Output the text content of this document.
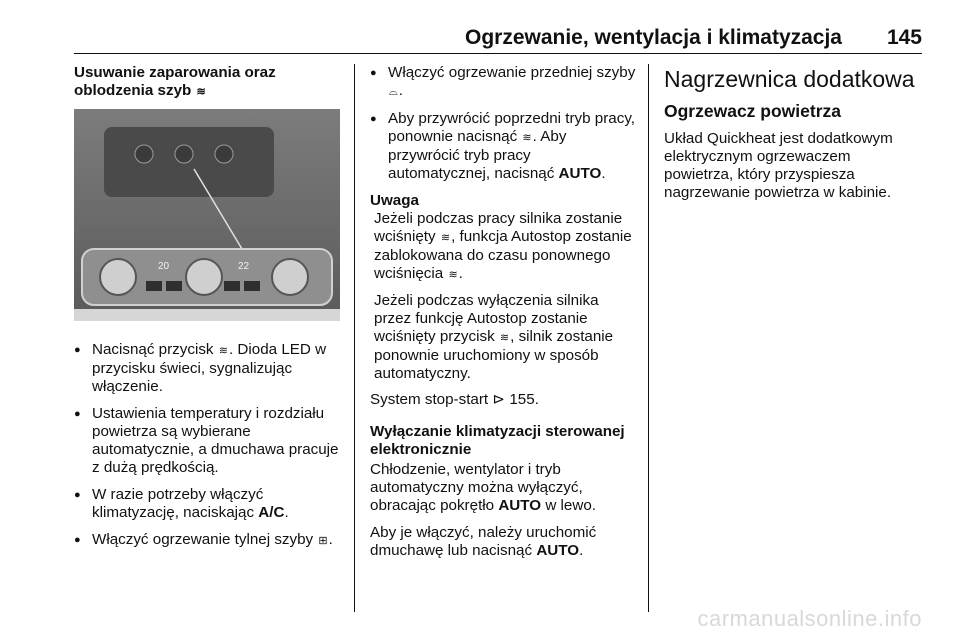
Ogrzewanie, wentylacja i klimatyzacja 145
Usuwanie zaparowania oraz
oblodzenia szyb ≋
20	22
● Nacisnąć przycisk ≋. Dioda LED w przycisku świeci, sygnalizując włączenie.
● Ustawienia temperatury i rozdziału powietrza są wybierane automatycznie, a dmuchawa pracuje z dużą prędkością.
● W razie potrzeby włączyć klimatyzację, naciskając A/C.
● Włączyć ogrzewanie tylnej szyby ⊞.
● Włączyć ogrzewanie przedniej szyby ⌓.
● Aby przywrócić poprzedni tryb pracy, ponownie nacisnąć ≋. Aby przywrócić tryb pracy automatycznej, nacisnąć AUTO.
Uwaga

Jeżeli podczas pracy silnika zostanie wciśnięty ≋, funkcja Autostop zostanie zablokowana do czasu ponownego wciśnięcia ≋.

Jeżeli podczas wyłączenia silnika przez funkcję Autostop zostanie wciśnięty przycisk ≋, silnik zostanie ponownie uruchomiony w sposób automatyczny.

System stop-start ⊳ 155.

Wyłączanie klimatyzacji sterowanej elektronicznie

Chłodzenie, wentylator i tryb automatyczny można wyłączyć, obracając pokrętło AUTO w lewo.

Aby je włączyć, należy uruchomić dmuchawę lub nacisnąć AUTO.

Nagrzewnica dodatkowa
Ogrzewacz powietrza

Układ Quickheat jest dodatkowym elektrycznym ogrzewaczem powietrza, który przyspiesza nagrzewanie powietrza w kabinie.

carmanualsonline.info
